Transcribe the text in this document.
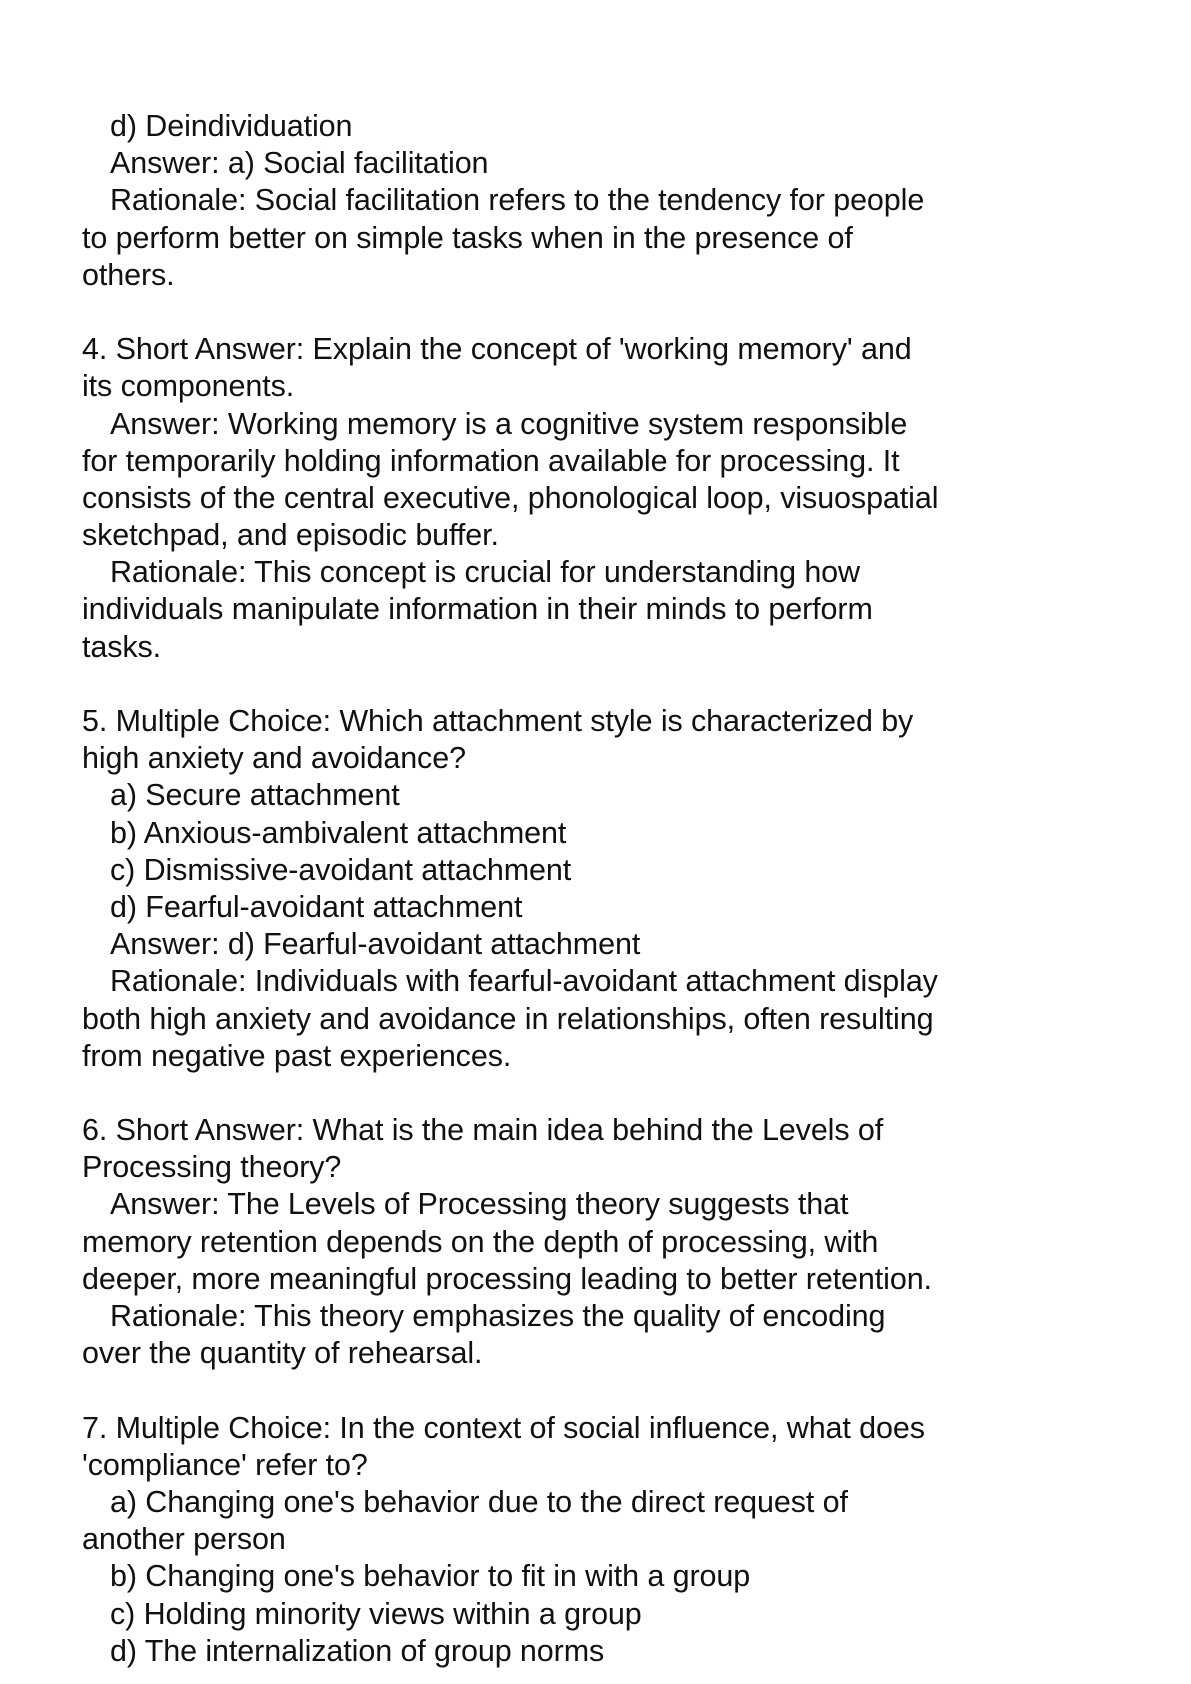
d) Deindividuation
Answer: a) Social facilitation
Rationale: Social facilitation refers to the tendency for people
to perform better on simple tasks when in the presence of
others.
4. Short Answer: Explain the concept of 'working memory' and
its components.
Answer: Working memory is a cognitive system responsible
for temporarily holding information available for processing. It
consists of the central executive, phonological loop, visuospatial
sketchpad, and episodic buffer.
Rationale: This concept is crucial for understanding how
individuals manipulate information in their minds to perform
tasks.
5. Multiple Choice: Which attachment style is characterized by
high anxiety and avoidance?
a) Secure attachment
b) Anxious-ambivalent attachment
c) Dismissive-avoidant attachment
d) Fearful-avoidant attachment
Answer: d) Fearful-avoidant attachment
Rationale: Individuals with fearful-avoidant attachment display
both high anxiety and avoidance in relationships, often resulting
from negative past experiences.
6. Short Answer: What is the main idea behind the Levels of
Processing theory?
Answer: The Levels of Processing theory suggests that
memory retention depends on the depth of processing, with
deeper, more meaningful processing leading to better retention.
Rationale: This theory emphasizes the quality of encoding
over the quantity of rehearsal.
7. Multiple Choice: In the context of social influence, what does
'compliance' refer to?
a) Changing one's behavior due to the direct request of
another person
b) Changing one's behavior to fit in with a group
c) Holding minority views within a group
d) The internalization of group norms
